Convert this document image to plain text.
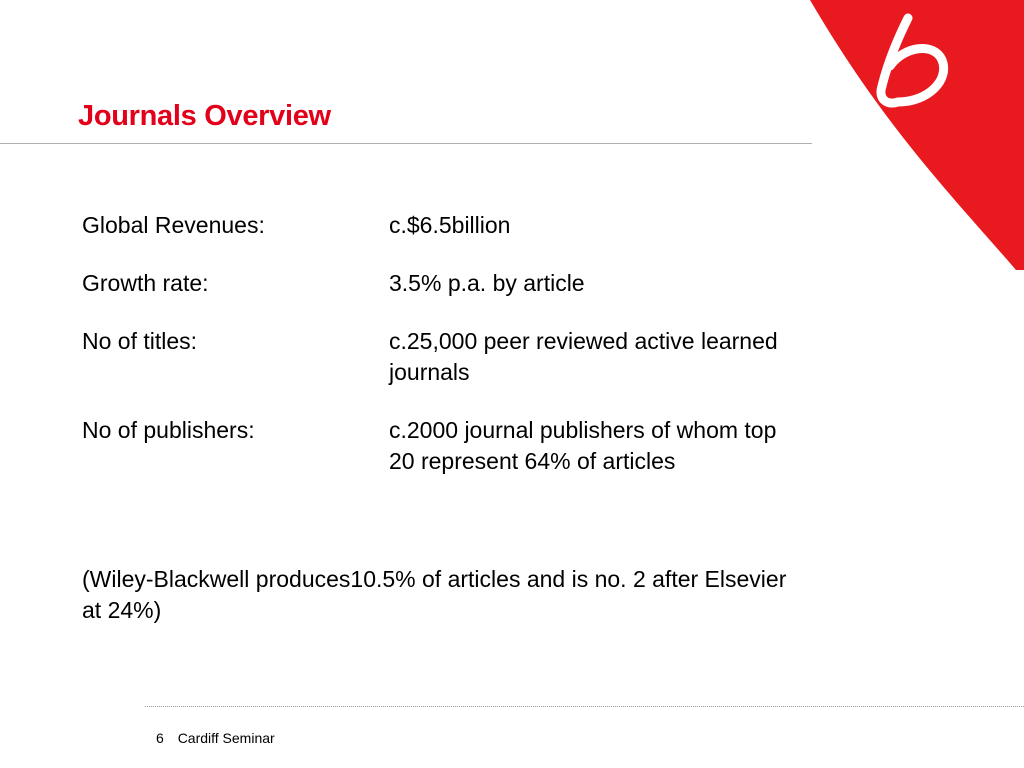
Journals Overview
Global Revenues:	c.$6.5billion
Growth rate:	3.5% p.a. by article
No of titles:	c.25,000 peer reviewed active learned journals
No of publishers:	c.2000 journal publishers of whom top 20 represent 64% of articles

(Wiley-Blackwell produces10.5% of articles and is no. 2 after Elsevier at 24%)

6 Cardiff Seminar
